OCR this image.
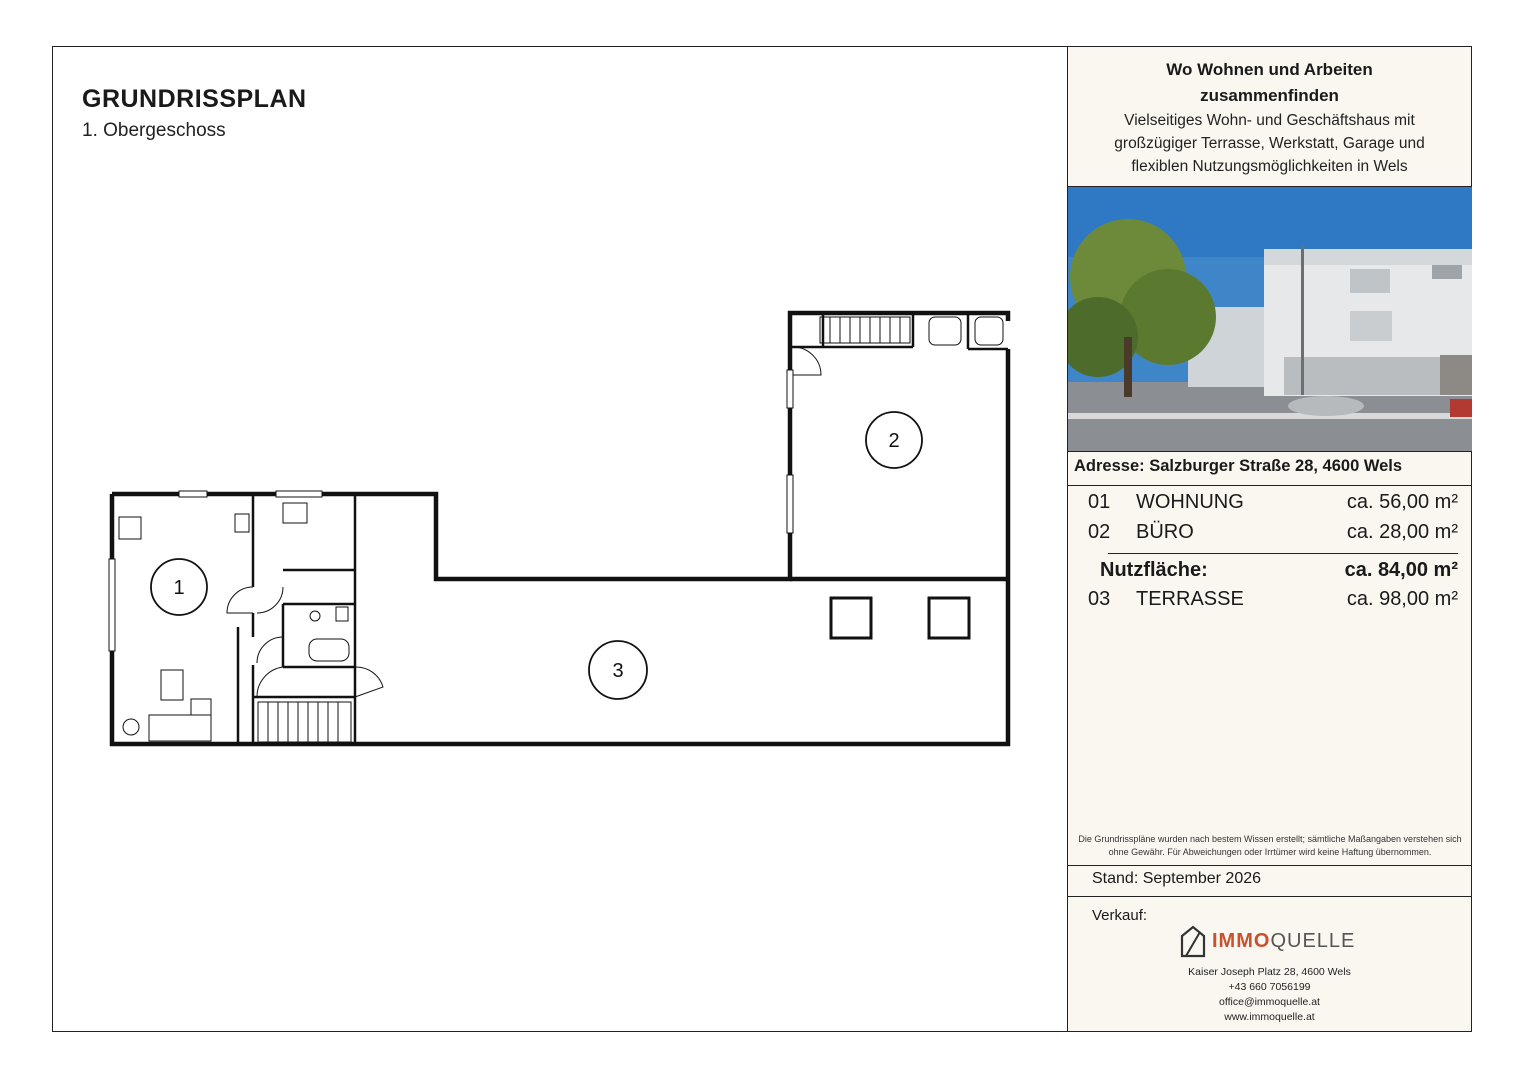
GRUNDRISSPLAN
1. Obergeschoss
1
2
3
Wo Wohnen und Arbeiten zusammenfinden
Vielseitiges Wohn- und Geschäftshaus mit großzügiger Terrasse, Werkstatt, Garage und flexiblen Nutzungsmöglichkeiten in Wels
Adresse: Salzburger Straße 28, 4600 Wels
01 WOHNUNG	ca. 56,00 m²
02 BÜRO	ca. 28,00 m²
Nutzfläche:	ca. 84,00 m²
03 TERRASSE	ca. 98,00 m²
Die Grundrisspläne wurden nach bestem Wissen erstellt; sämtliche Maßangaben verstehen sich ohne Gewähr. Für Abweichungen oder Irrtümer wird keine Haftung übernommen.
Stand: September 2026
Verkauf:
IMMOQUELLE
Kaiser Joseph Platz 28, 4600 Wels
+43 660 7056199
office@immoquelle.at
www.immoquelle.at
